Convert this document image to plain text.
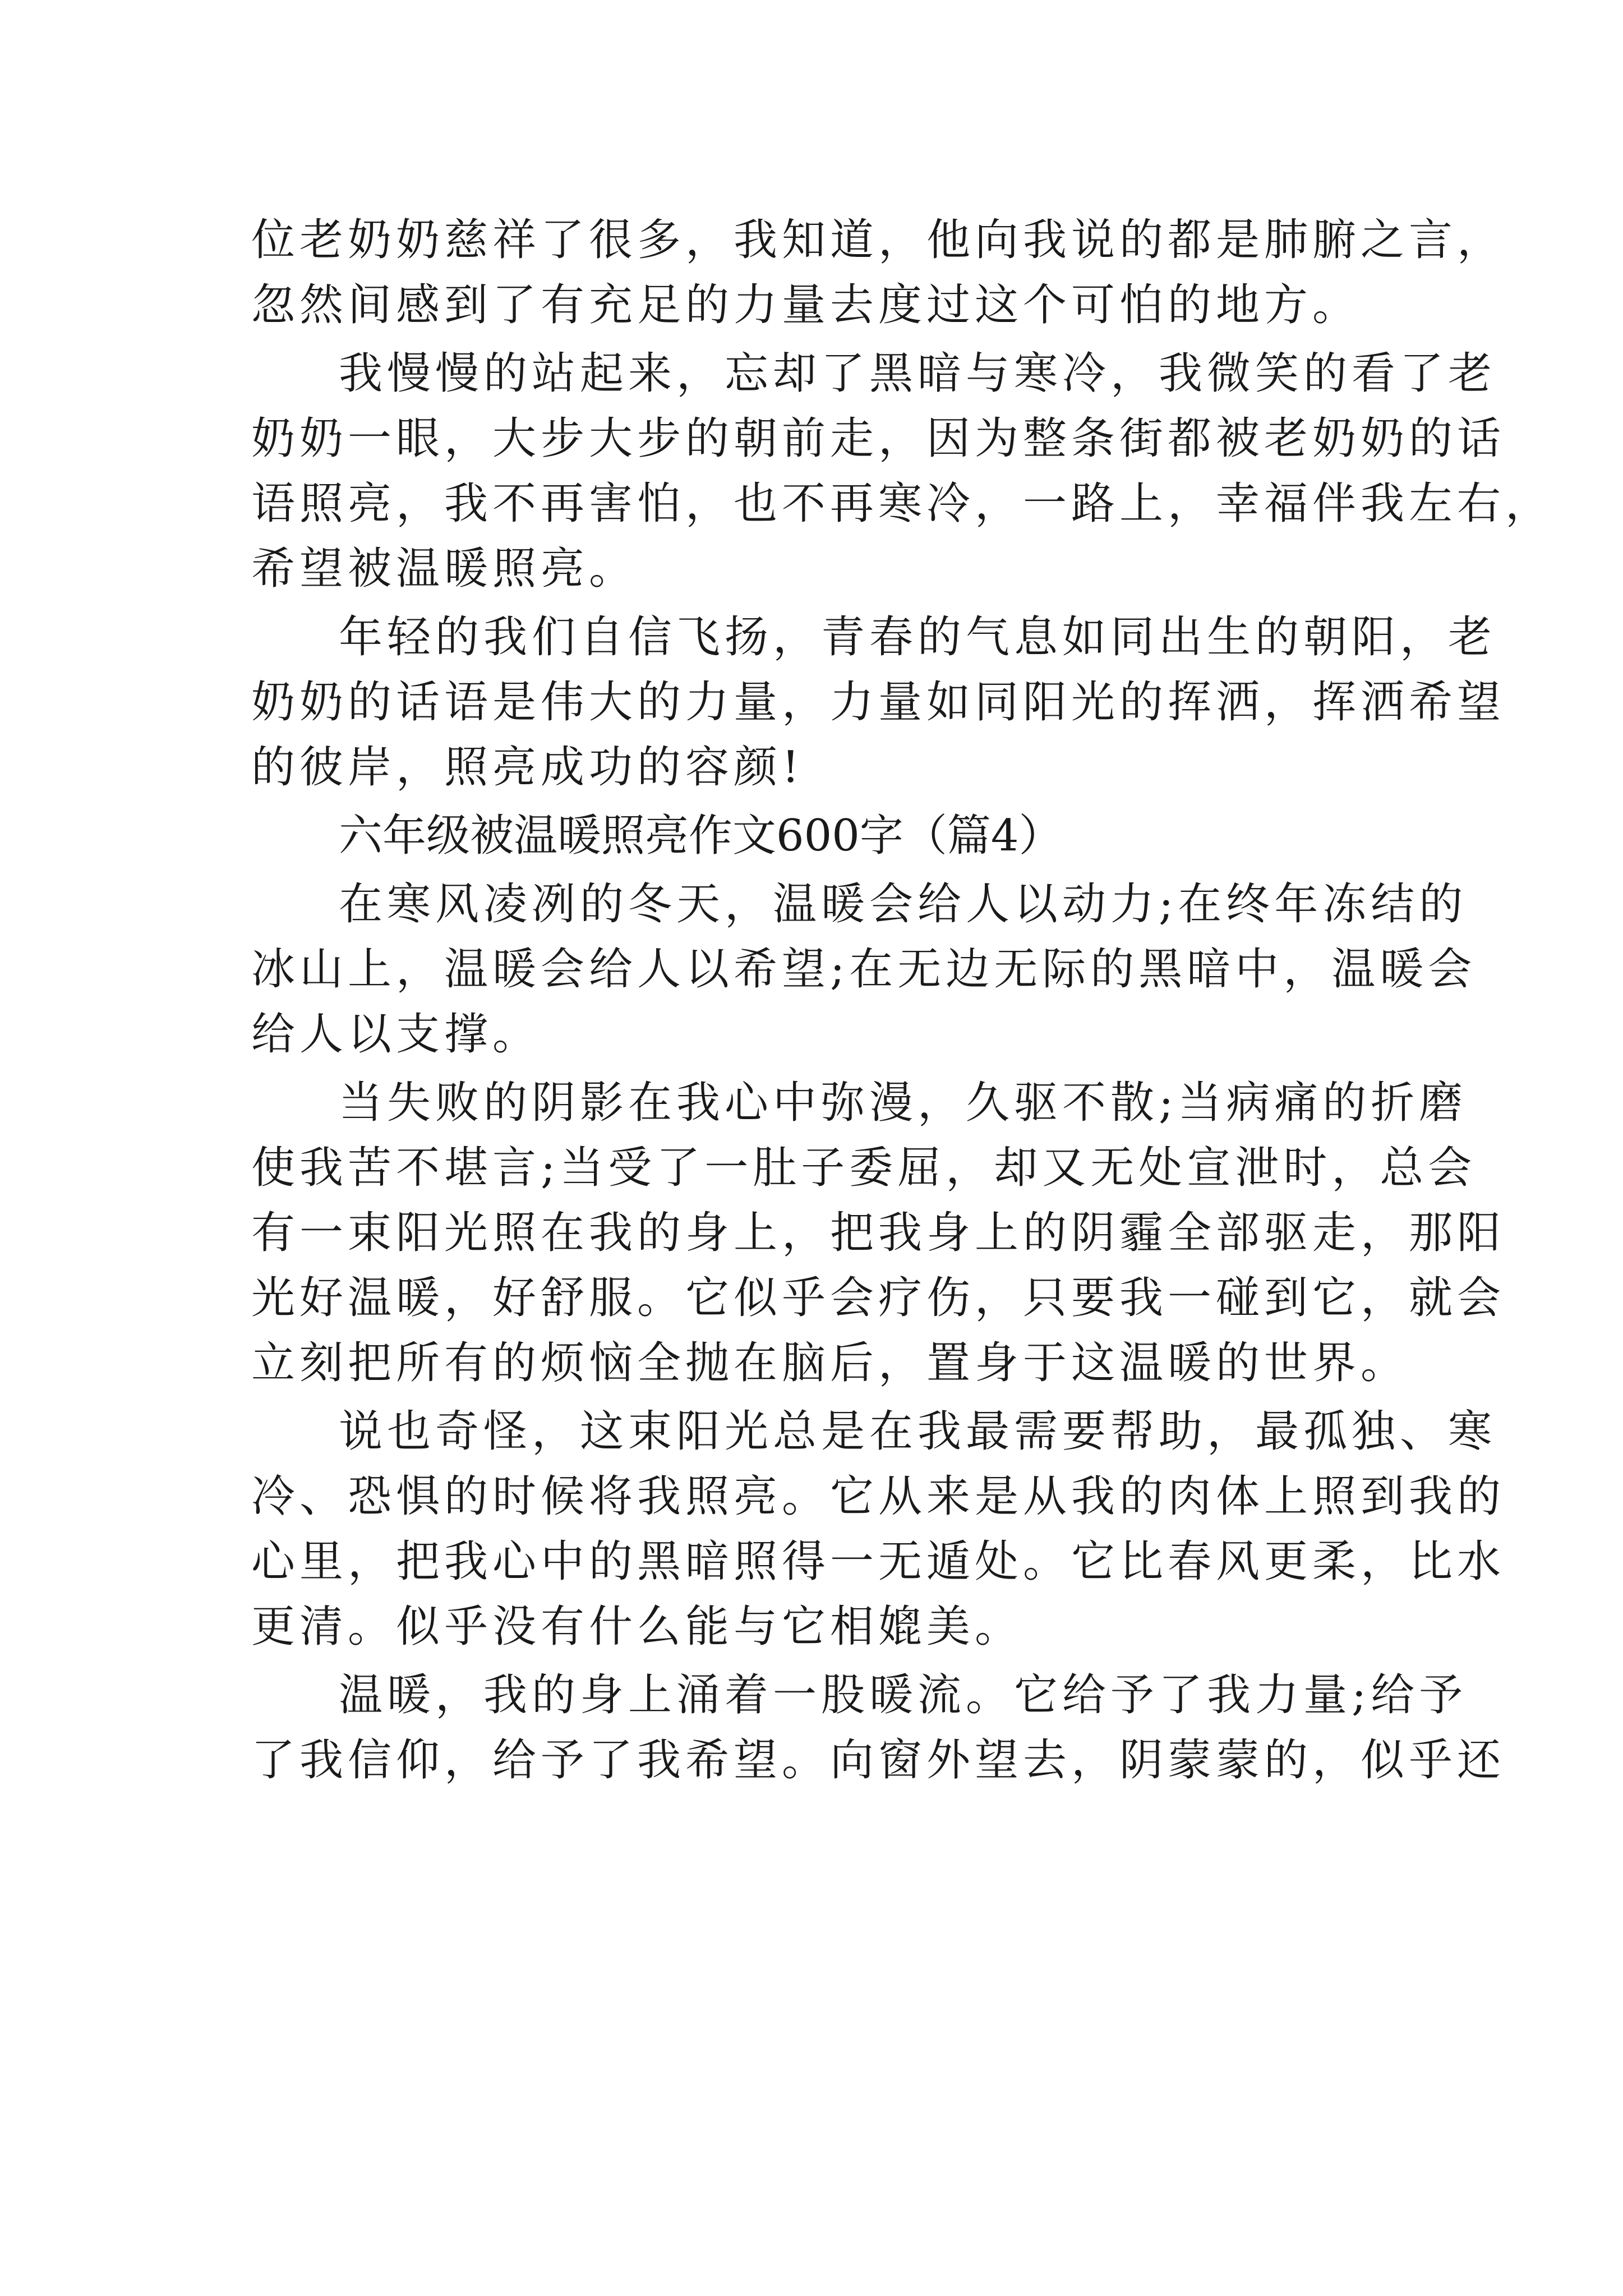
位老奶奶慈祥了很多，我知道，他向我说的都是肺腑之言，
忽然间感到了有充足的力量去度过这个可怕的地方。
我慢慢的站起来，忘却了黑暗与寒冷，我微笑的看了老
奶奶一眼，大步大步的朝前走，因为整条街都被老奶奶的话
语照亮，我不再害怕，也不再寒冷，一路上，幸福伴我左右，
希望被温暖照亮。
年轻的我们自信飞扬，青春的气息如同出生的朝阳，老
奶奶的话语是伟大的力量，力量如同阳光的挥洒，挥洒希望
的彼岸，照亮成功的容颜!
六年级被温暖照亮作文600字（篇4）
在寒风凌冽的冬天，温暖会给人以动力;在终年冻结的
冰山上，温暖会给人以希望;在无边无际的黑暗中，温暖会
给人以支撑。
当失败的阴影在我心中弥漫，久驱不散;当病痛的折磨
使我苦不堪言;当受了一肚子委屈，却又无处宣泄时，总会
有一束阳光照在我的身上，把我身上的阴霾全部驱走，那阳
光好温暖，好舒服。它似乎会疗伤，只要我一碰到它，就会
立刻把所有的烦恼全抛在脑后，置身于这温暖的世界。
说也奇怪，这束阳光总是在我最需要帮助，最孤独、寒
冷、恐惧的时候将我照亮。它从来是从我的肉体上照到我的
心里，把我心中的黑暗照得一无遁处。它比春风更柔，比水
更清。似乎没有什么能与它相媲美。
温暖，我的身上涌着一股暖流。它给予了我力量;给予
了我信仰，给予了我希望。向窗外望去，阴蒙蒙的，似乎还
